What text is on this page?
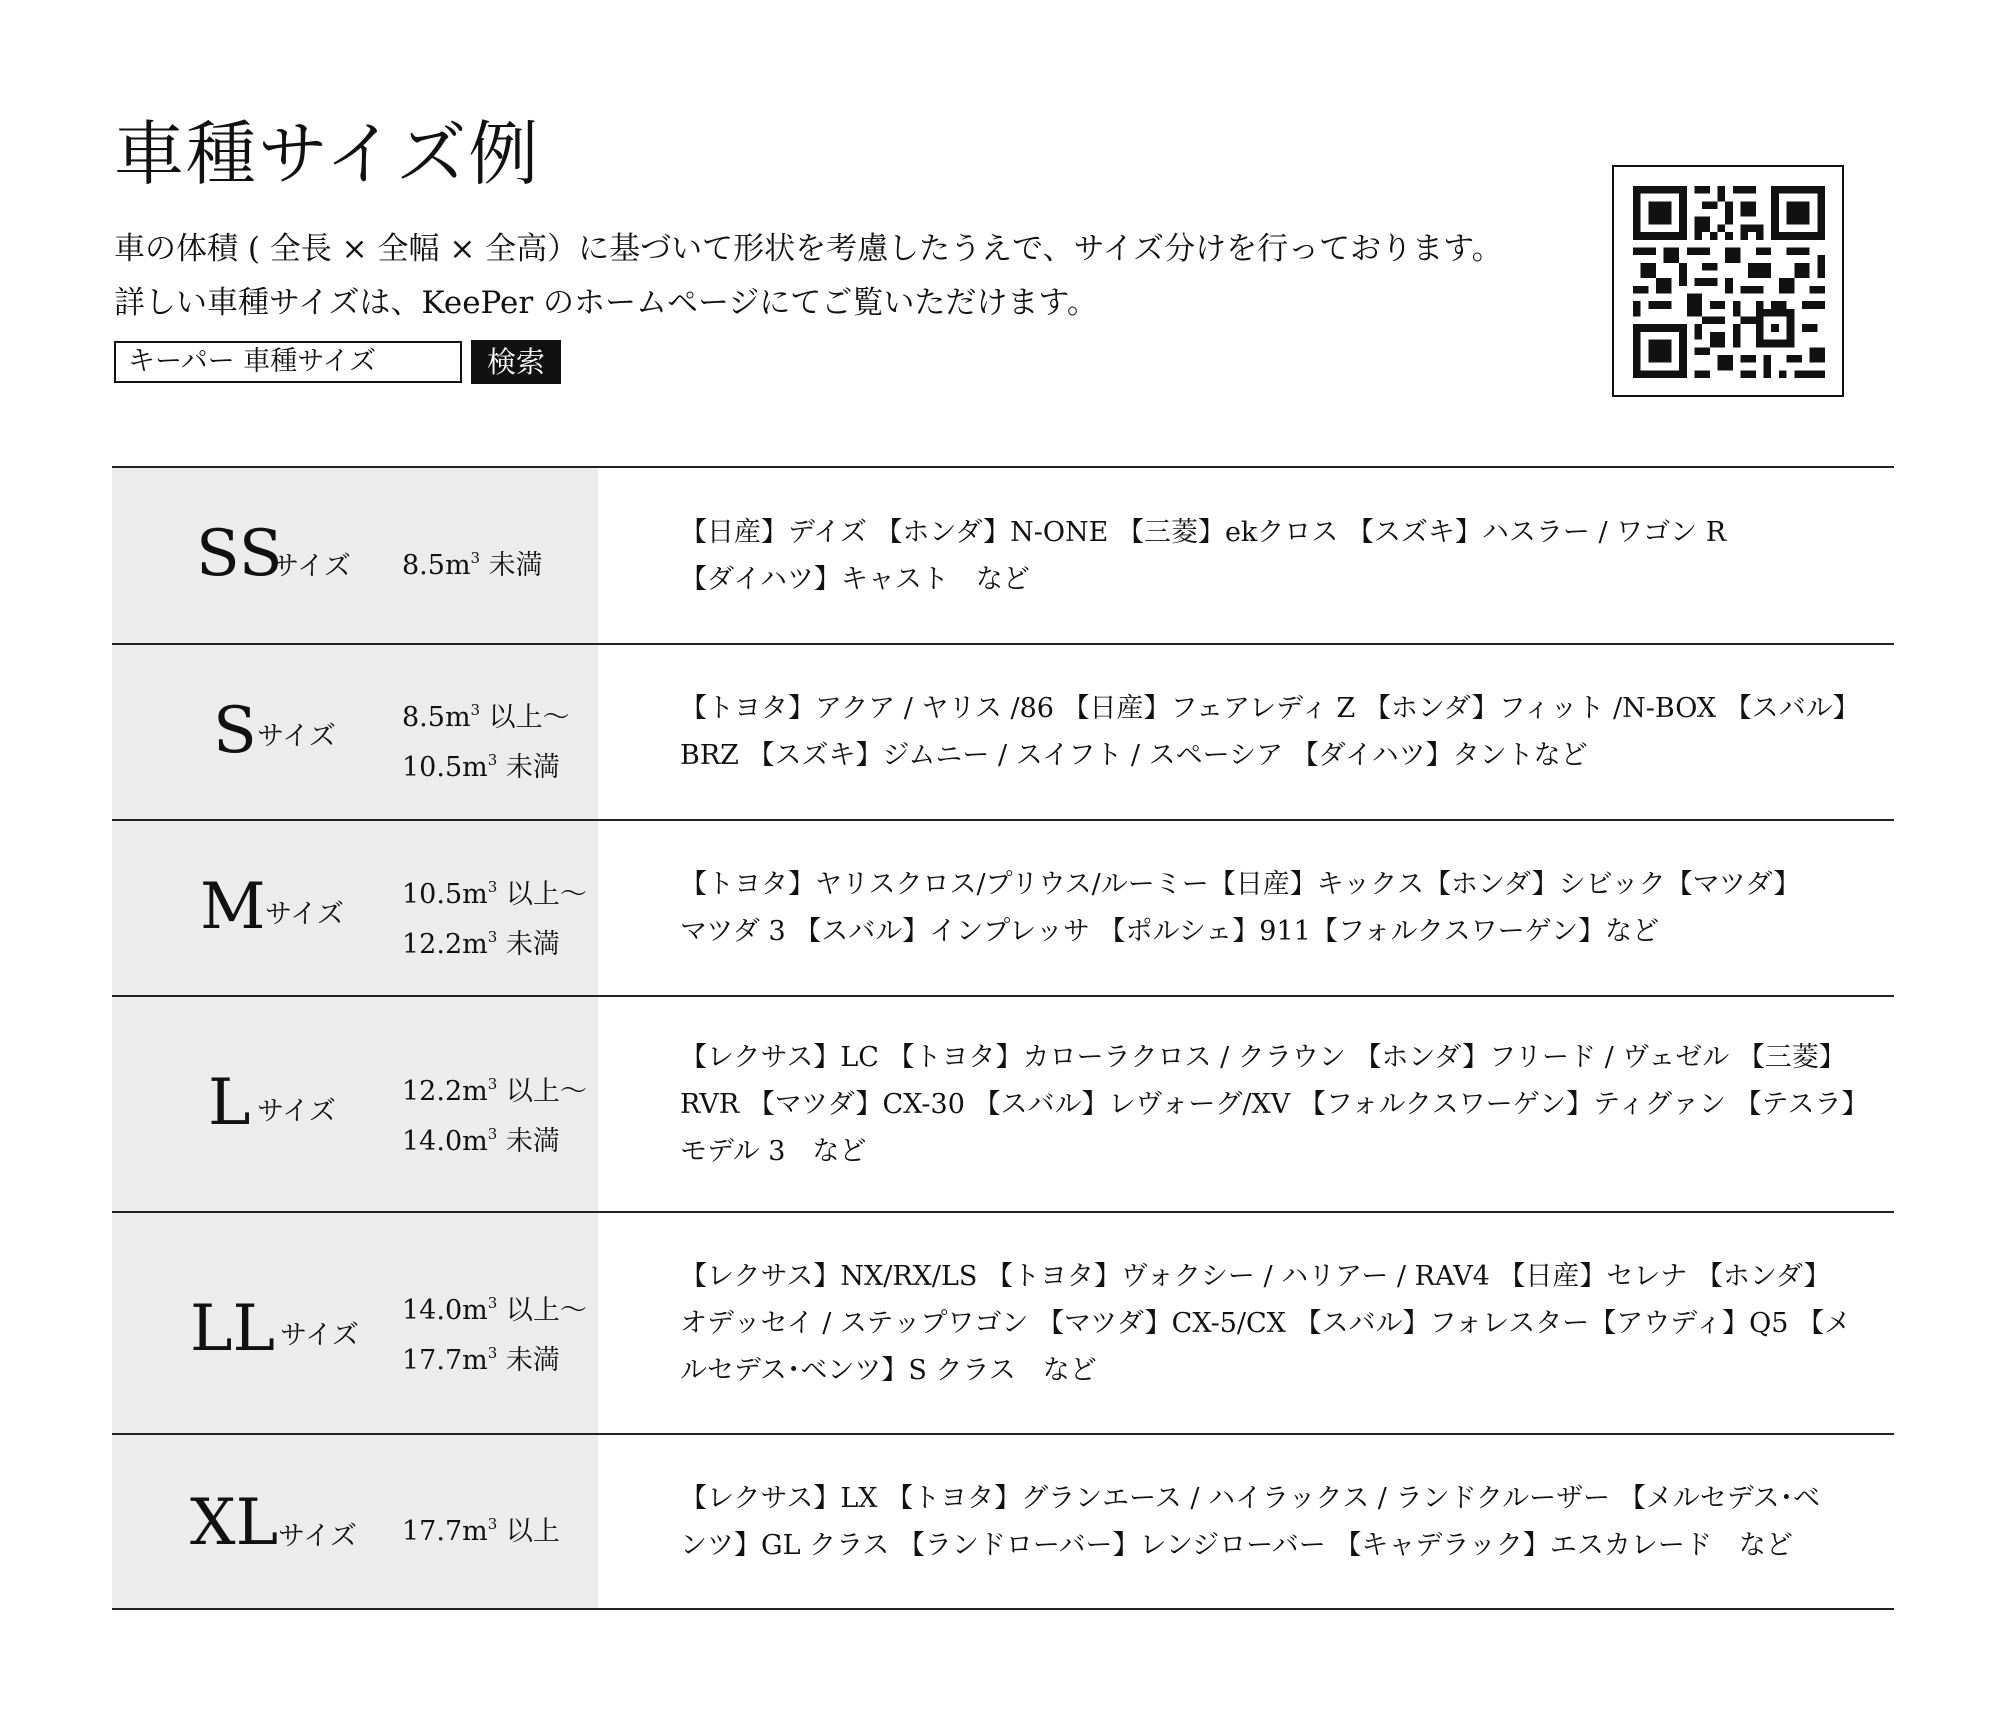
車種サイズ例
車の体積 ( 全長 × 全幅 × 全高）に基づいて形状を考慮したうえで、サイズ分けを行っております。
詳しい車種サイズは、KeePer のホームページにてご覧いただけます。
キーパー 車種サイズ	検索
SS
サイズ $8.5m^3$ 未満
【日産】デイズ 【ホンダ】N-ONE 【三菱】ekクロス 【スズキ】ハスラー / ワゴン R
【ダイハツ】キャスト　など
S サイズ
$8.5m^3$ 以上〜
$10.5m^3$ 未満
【トヨタ】アクア / ヤリス /86 【日産】フェアレディ Z 【ホンダ】フィット /N-BOX 【スバル】
BRZ 【スズキ】ジムニー / スイフト / スペーシア 【ダイハツ】タントなど
M サイズ
$10.5m^3$ 以上〜
$12.2m^3$ 未満
【トヨタ】ヤリスクロス/プリウス/ルーミー【日産】キックス【ホンダ】シビック【マツダ】
マツダ 3 【スバル】インプレッサ 【ポルシェ】911【フォルクスワーゲン】など
L サイズ
$12.2m^3$ 以上〜
$14.0m^3$ 未満
【レクサス】LC 【トヨタ】カローラクロス / クラウン 【ホンダ】フリード / ヴェゼル 【三菱】
RVR 【マツダ】CX-30 【スバル】レヴォーグ/XV 【フォルクスワーゲン】ティグァン 【テスラ】
モデル 3　など
LL サイズ
$14.0m^3$ 以上〜
$17.7m^3$ 未満
【レクサス】NX/RX/LS 【トヨタ】ヴォクシー / ハリアー / RAV4 【日産】セレナ 【ホンダ】
オデッセイ / ステップワゴン 【マツダ】CX-5/CX 【スバル】フォレスター【アウディ】Q5 【メ
ルセデス･ベンツ】S クラス　など
XL サイズ $17.7m^3$ 以上
【レクサス】LX 【トヨタ】グランエース / ハイラックス / ランドクルーザー 【メルセデス･ベ
ンツ】GL クラス 【ランドローバー】レンジローバー 【キャデラック】エスカレード　など
